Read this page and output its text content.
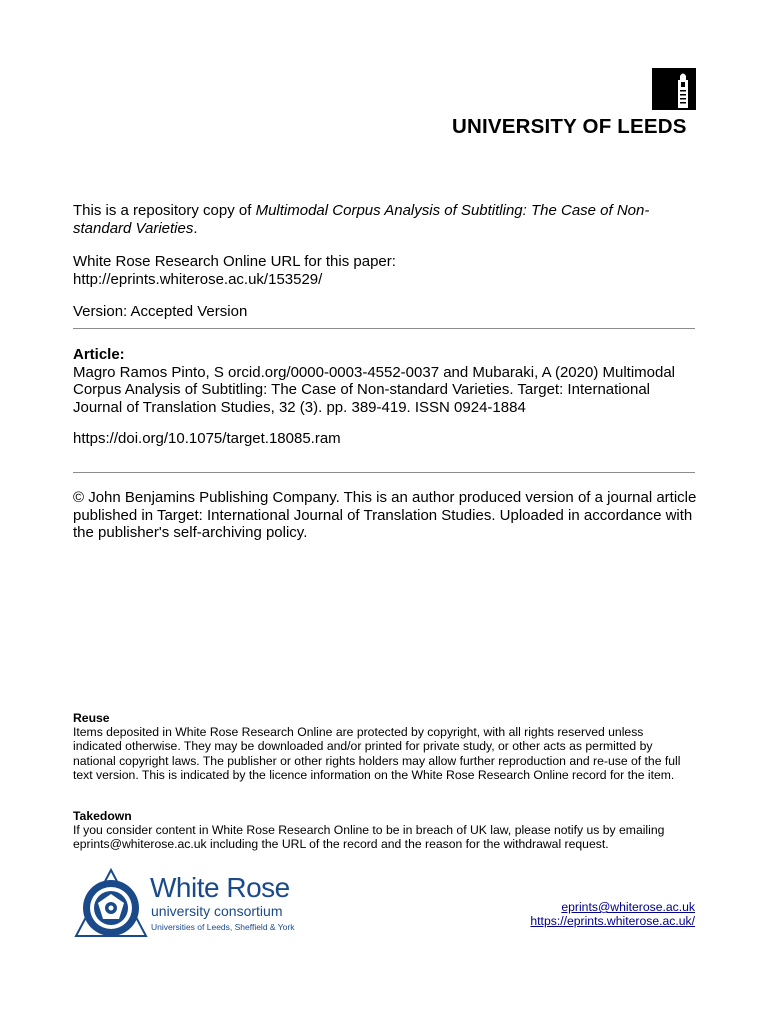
UNIVERSITY OF LEEDS
This is a repository copy of Multimodal Corpus Analysis of Subtitling: The Case of Non-standard Varieties.
White Rose Research Online URL for this paper:
http://eprints.whiterose.ac.uk/153529/
Version: Accepted Version
Article:
Magro Ramos Pinto, S orcid.org/0000-0003-4552-0037 and Mubaraki, A (2020) Multimodal Corpus Analysis of Subtitling: The Case of Non-standard Varieties. Target: International Journal of Translation Studies, 32 (3). pp. 389-419. ISSN 0924-1884
https://doi.org/10.1075/target.18085.ram
© John Benjamins Publishing Company. This is an author produced version of a journal article published in Target: International Journal of Translation Studies. Uploaded in accordance with the publisher's self-archiving policy.
Reuse
Items deposited in White Rose Research Online are protected by copyright, with all rights reserved unless indicated otherwise. They may be downloaded and/or printed for private study, or other acts as permitted by national copyright laws. The publisher or other rights holders may allow further reproduction and re-use of the full text version. This is indicated by the licence information on the White Rose Research Online record for the item.
Takedown
If you consider content in White Rose Research Online to be in breach of UK law, please notify us by emailing eprints@whiterose.ac.uk including the URL of the record and the reason for the withdrawal request.
White Rose
university consortium
Universities of Leeds, Sheffield & York
eprints@whiterose.ac.uk
https://eprints.whiterose.ac.uk/
